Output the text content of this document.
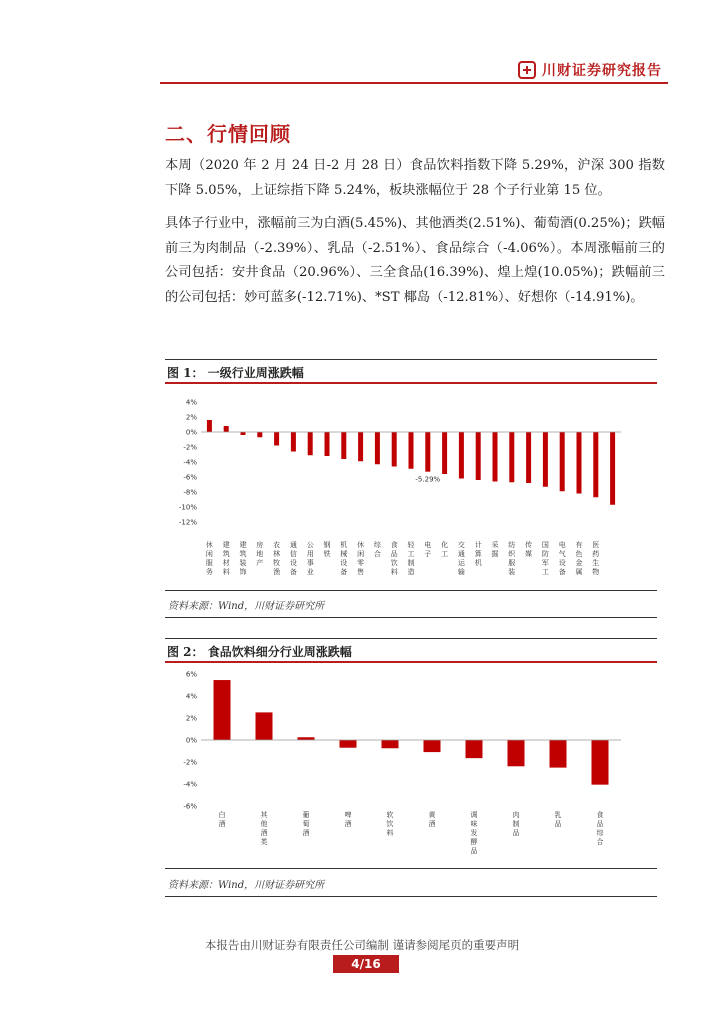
川财证券研究报告
二、行情回顾
本周（2020 年 2 月 24 日-2 月 28 日）食品饮料指数下降 5.29%，沪深 300 指数下降 5.05%，上证综指下降 5.24%，板块涨幅位于 28 个子行业第 15 位。
具体子行业中，涨幅前三为白酒(5.45%)、其他酒类(2.51%)、葡萄酒(0.25%)；跌幅前三为肉制品（-2.39%）、乳品（-2.51%）、食品综合（-4.06%）。本周涨幅前三的公司包括：安井食品（20.96%）、三全食品(16.39%)、煌上煌(10.05%)；跌幅前三的公司包括：妙可蓝多(-12.71%)、*ST 椰岛（-12.81%）、好想你（-14.91%)。
图 1： 一级行业周涨跌幅
4%
2%
0%
-2%
-4%
-6%
-8%
-10%
-12%
休闲服务
建筑材料
建筑装饰
房地产
农林牧渔
通信设备
公用事业
钢铁
机械设备
休闲零售
综合
食品饮料
轻工制造
电子
化工
交通运输
计算机
采掘
纺织服装
传媒
国防军工
电气设备
有色金属
医药生物
-5.29%
资料来源：Wind，川财证券研究所
图 2： 食品饮料细分行业周涨跌幅
6%
4%
2%
0%
-2%
-4%
-6%
白酒
其他酒类
葡萄酒
啤酒
软饮料
黄酒
调味发酵品
肉制品
乳品
食品综合
资料来源：Wind，川财证券研究所
本报告由川财证券有限责任公司编制 谨请参阅尾页的重要声明
4/16
